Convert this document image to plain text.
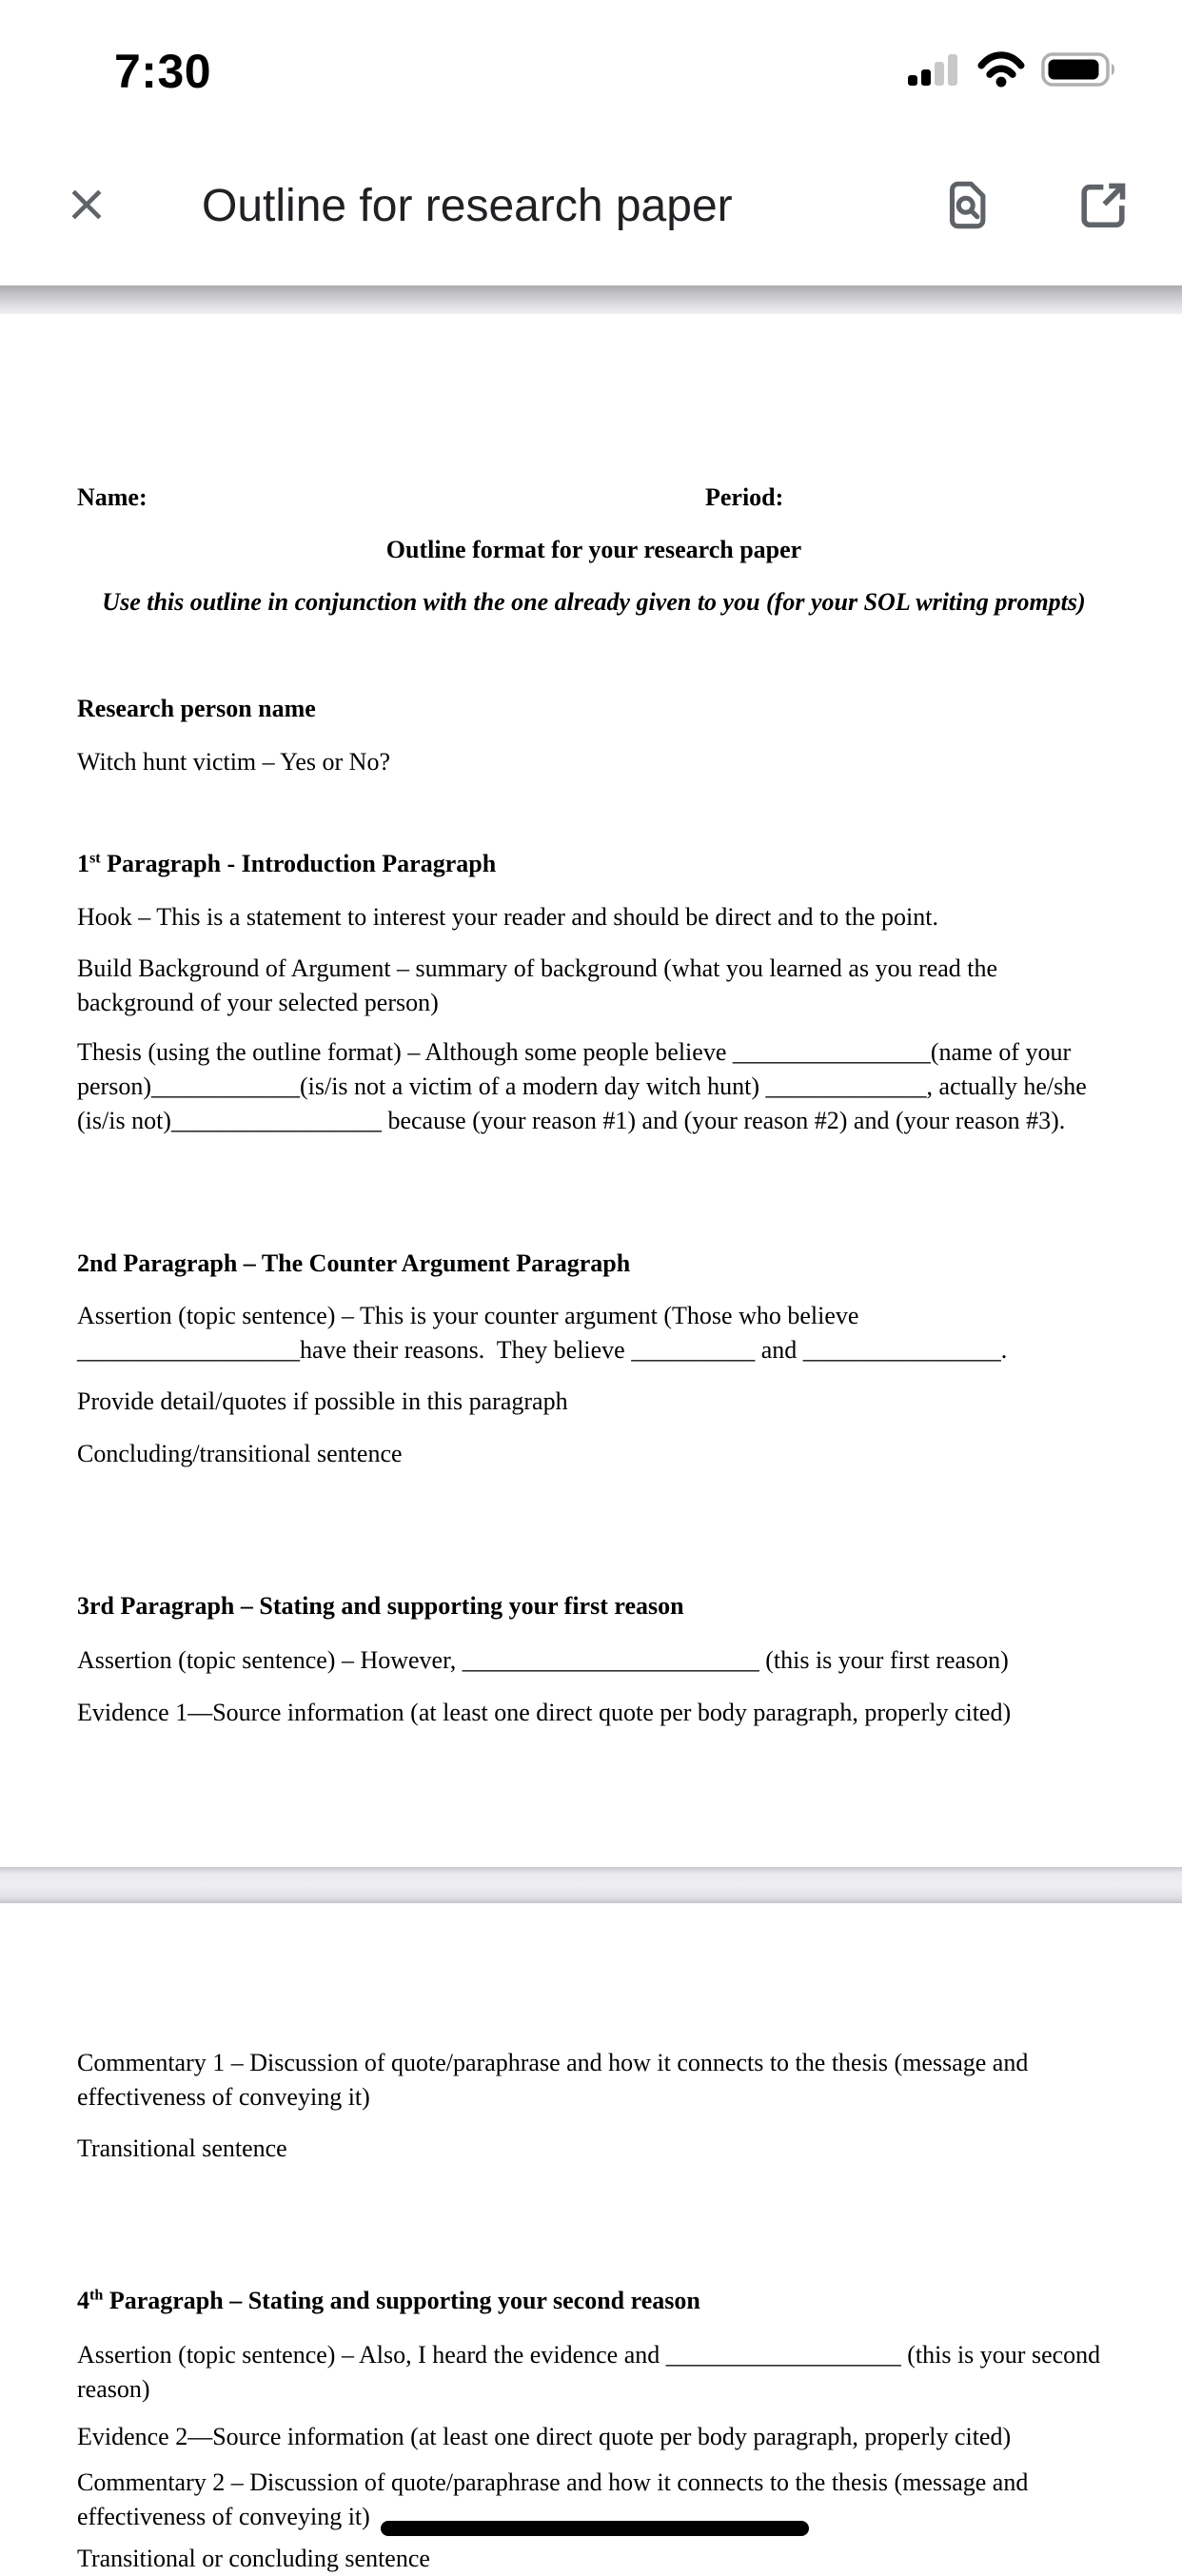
7:30
Outline for research paper
Name:	Period:
Outline format for your research paper
Use this outline in conjunction with the one already given to you (for your SOL writing prompts)
Research person name
Witch hunt victim – Yes or No?
1st Paragraph - Introduction Paragraph
Hook – This is a statement to interest your reader and should be direct and to the point.
Build Background of Argument – summary of background (what you learned as you read the background of your selected person)
Thesis (using the outline format) – Although some people believe ________________(name of your person)____________(is/is not a victim of a modern day witch hunt) _____________, actually he/she (is/is not)_________________ because (your reason #1) and (your reason #2) and (your reason #3).
2nd Paragraph – The Counter Argument Paragraph
Assertion (topic sentence) – This is your counter argument (Those who believe __________________have their reasons.  They believe __________ and ________________.
Provide detail/quotes if possible in this paragraph
Concluding/transitional sentence
3rd Paragraph – Stating and supporting your first reason
Assertion (topic sentence) – However, ________________________ (this is your first reason)
Evidence 1—Source information (at least one direct quote per body paragraph, properly cited)
Commentary 1 – Discussion of quote/paraphrase and how it connects to the thesis (message and effectiveness of conveying it)
Transitional sentence
4th Paragraph – Stating and supporting your second reason
Assertion (topic sentence) – Also, I heard the evidence and ___________________ (this is your second reason)
Evidence 2—Source information (at least one direct quote per body paragraph, properly cited)
Commentary 2 – Discussion of quote/paraphrase and how it connects to the thesis (message and effectiveness of conveying it)
Transitional or concluding sentence
